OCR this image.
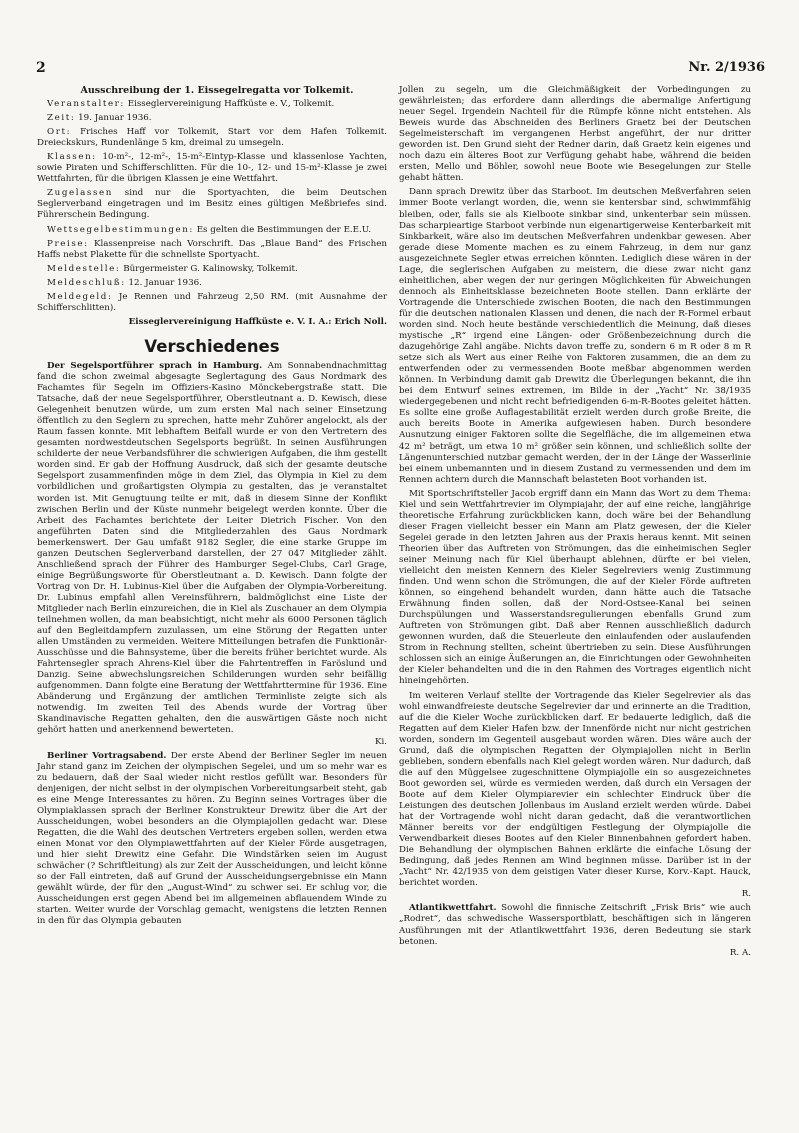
2	Nr. 2/1936

Ausschreibung der 1. Eissegelregatta vor Tolkemit.

Veranstalter: Eisseglervereinigung Haffküste e. V., Tolkemit.

Zeit: 19. Januar 1936.

Ort: Frisches Haff vor Tolkemit, Start vor dem Hafen Tolkemit. Dreieckskurs, Rundenlänge 5 km, dreimal zu umsegeln.

Klassen: 10-m²-, 12-m²-, 15-m²-Eintyp-Klasse und klassenlose Yachten, sowie Piraten und Schifferschlitten. Für die 10-, 12- und 15-m²-Klasse je zwei Wettfahrten, für die übrigen Klassen je eine Wettfahrt.

Zugelassen sind nur die Sportyachten, die beim Deutschen Seglerverband eingetragen und im Besitz eines gültigen Meßbriefes sind. Führerschein Bedingung.

Wettsegelbestimmungen: Es gelten die Bestimmungen der E.E.U.

Preise: Klassenpreise nach Vorschrift. Das „Blaue Band“ des Frischen Haffs nebst Plakette für die schnellste Sportyacht.

Meldestelle: Bürgermeister G. Kalinowsky, Tolkemit.

Meldeschluß: 12. Januar 1936.

Meldegeld: Je Rennen und Fahrzeug 2,50 RM. (mit Ausnahme der Schifferschlitten).

Eisseglervereinigung Haffküste e. V. I. A.: Erich Noll.

Verschiedenes

Der Segelsportführer sprach in Hamburg. Am Sonnabendnachmittag fand die schon zweimal abgesagte Seglertagung des Gaus Nordmark des Fachamtes für Segeln im Offiziers-Kasino Mönckebergstraße statt. Die Tatsache, daß der neue Segelsportführer, Oberstleutnant a. D. Kewisch, diese Gelegenheit benutzen würde, um zum ersten Mal nach seiner Einsetzung öffentlich zu den Seglern zu sprechen, hatte mehr Zuhörer angelockt, als der Raum fassen konnte. Mit lebhaftem Beifall wurde er von den Vertretern des gesamten nordwestdeutschen Segelsports begrüßt. In seinen Ausführungen schilderte der neue Verbandsführer die schwierigen Aufgaben, die ihm gestellt worden sind. Er gab der Hoffnung Ausdruck, daß sich der gesamte deutsche Segelsport zusammenfinden möge in dem Ziel, das Olympia in Kiel zu dem vorbildlichen und großartigsten Olympia zu gestalten, das je veranstaltet worden ist. Mit Genugtuung teilte er mit, daß in diesem Sinne der Konflikt zwischen Berlin und der Küste nunmehr beigelegt werden konnte. Über die Arbeit des Fachamtes berichtete der Leiter Dietrich Fischer. Von den angeführten Daten sind die Mitgliederzahlen des Gaus Nordmark bemerkenswert. Der Gau umfaßt 9182 Segler, die eine starke Gruppe im ganzen Deutschen Seglerverband darstellen, der 27 047 Mitglieder zählt. Anschließend sprach der Führer des Hamburger Segel-Clubs, Carl Grage, einige Begrüßungsworte für Oberstleutnant a. D. Kewisch. Dann folgte der Vortrag von Dr. H. Lubinus-Kiel über die Aufgaben der Olympia-Vorbereitung. Dr. Lubinus empfahl allen Vereinsführern, baldmöglichst eine Liste der Mitglieder nach Berlin einzureichen, die in Kiel als Zuschauer an dem Olympia teilnehmen wollen, da man beabsichtigt, nicht mehr als 6000 Personen täglich auf den Begleitdampfern zuzulassen, um eine Störung der Regatten unter allen Umständen zu vermeiden. Weitere Mitteilungen betrafen die Funktionär-Ausschüsse und die Bahnsysteme, über die bereits früher berichtet wurde. Als Fahrtensegler sprach Ahrens-Kiel über die Fahrtentreffen in Faröslund und Danzig. Seine abwechslungsreichen Schilderungen wurden sehr beifällig aufgenommen. Dann folgte eine Beratung der Wettfahrttermine für 1936. Eine Abänderung und Ergänzung der amtlichen Terminliste zeigte sich als notwendig. Im zweiten Teil des Abends wurde der Vortrag über Skandinavische Regatten gehalten, den die auswärtigen Gäste noch nicht gehört hatten und anerkennend bewerteten.
Ki.

Berliner Vortragsabend. Der erste Abend der Berliner Segler im neuen Jahr stand ganz im Zeichen der olympischen Segelei, und um so mehr war es zu bedauern, daß der Saal wieder nicht restlos gefüllt war. Besonders für denjenigen, der nicht selbst in der olympischen Vorbereitungsarbeit steht, gab es eine Menge Interessantes zu hören. Zu Beginn seines Vortrages über die Olympiaklassen sprach der Berliner Konstrukteur Drewitz über die Art der Ausscheidungen, wobei besonders an die Olympiajollen gedacht war. Diese Regatten, die die Wahl des deutschen Vertreters ergeben sollen, werden etwa einen Monat vor den Olympiawettfahrten auf der Kieler Förde ausgetragen, und hier sieht Drewitz eine Gefahr. Die Windstärken seien im August schwächer (? Schriftleitung) als zur Zeit der Ausscheidungen, und leicht könne so der Fall eintreten, daß auf Grund der Ausscheidungsergebnisse ein Mann gewählt würde, der für den „August-Wind“ zu schwer sei. Er schlug vor, die Ausscheidungen erst gegen Abend bei im allgemeinen abflauendem Winde zu starten. Weiter wurde der Vorschlag gemacht, wenigstens die letzten Rennen in den für das Olympia gebauten

Jollen zu segeln, um die Gleichmäßigkeit der Vorbedingungen zu gewährleisten; das erfordere dann allerdings die abermalige Anfertigung neuer Segel. Irgendein Nachteil für die Rümpfe könne nicht entstehen. Als Beweis wurde das Abschneiden des Berliners Graetz bei der Deutschen Segelmeisterschaft im vergangenen Herbst angeführt, der nur dritter geworden ist. Den Grund sieht der Redner darin, daß Graetz kein eigenes und noch dazu ein älteres Boot zur Verfügung gehabt habe, während die beiden ersten, Mello und Böhler, sowohl neue Boote wie Besegelungen zur Stelle gehabt hätten.

Dann sprach Drewitz über das Starboot. Im deutschen Meßverfahren seien immer Boote verlangt worden, die, wenn sie kentersbar sind, schwimmfähig bleiben, oder, falls sie als Kielboote sinkbar sind, unkenterbar sein müssen. Das scharpieartige Starboot verbinde nun eigenartigerweise Kenterbarkeit mit Sinkbarkeit, wäre also im deutschen Meßverfahren undenkbar gewesen. Aber gerade diese Momente machen es zu einem Fahrzeug, in dem nur ganz ausgezeichnete Segler etwas erreichen könnten. Lediglich diese wären in der Lage, die seglerischen Aufgaben zu meistern, die diese zwar nicht ganz einheitlichen, aber wegen der nur geringen Möglichkeiten für Abweichungen dennoch als Einheitsklasse bezeichneten Boote stellen. Dann erklärte der Vortragende die Unterschiede zwischen Booten, die nach den Bestimmungen für die deutschen nationalen Klassen und denen, die nach der R-Formel erbaut worden sind. Noch heute bestände verschiedentlich die Meinung, daß dieses mystische „R“ irgend eine Längen- oder Größenbezeichnung durch die dazugehörige Zahl angäbe. Nichts davon treffe zu, sondern 6 m R oder 8 m R setze sich als Wert aus einer Reihe von Faktoren zusammen, die an dem zu entwerfenden oder zu vermessenden Boote meßbar abgenommen werden können. In Verbindung damit gab Drewitz die Überlegungen bekannt, die ihn bei dem Entwurf seines extremen, im Bilde in der „Yacht“ Nr. 38/1935 wiedergegebenen und nicht recht befriedigenden 6-m-R-Bootes geleitet hätten. Es sollte eine große Auflagestabilität erzielt werden durch große Breite, die auch bereits Boote in Amerika aufgewiesen haben. Durch besondere Ausnutzung einiger Faktoren sollte die Segelfläche, die im allgemeinen etwa 42 m² beträgt, um etwa 10 m² größer sein können, und schließlich sollte der Längenunterschied nutzbar gemacht werden, der in der Länge der Wasserlinie bei einem unbemannten und in diesem Zustand zu vermessenden und dem im Rennen achtern durch die Mannschaft belasteten Boot vorhanden ist.

Mit Sportschriftsteller Jacob ergriff dann ein Mann das Wort zu dem Thema: Kiel und sein Wettfahrtrevier im Olympiajahr, der auf eine reiche, langjährige theoretische Erfahrung zurückblicken kann, doch wäre bei der Behandlung dieser Fragen vielleicht besser ein Mann am Platz gewesen, der die Kieler Segelei gerade in den letzten Jahren aus der Praxis heraus kennt. Mit seinen Theorien über das Auftreten von Strömungen, das die einheimischen Segler seiner Meinung nach für Kiel überhaupt ablehnen, dürfte er bei vielen, vielleicht den meisten Kennern des Kieler Segelreviers wenig Zustimmung finden. Und wenn schon die Strömungen, die auf der Kieler Förde auftreten können, so eingehend behandelt wurden, dann hätte auch die Tatsache Erwähnung finden sollen, daß der Nord-Ostsee-Kanal bei seinen Durchspülungen und Wasserstandsregulierungen ebenfalls Grund zum Auftreten von Strömungen gibt. Daß aber Rennen ausschließlich dadurch gewonnen wurden, daß die Steuerleute den einlaufenden oder auslaufenden Strom in Rechnung stellten, scheint übertrieben zu sein. Diese Ausführungen schlossen sich an einige Äußerungen an, die Einrichtungen oder Gewohnheiten der Kieler behandelten und die in den Rahmen des Vortrages eigentlich nicht hineingehörten.

Im weiteren Verlauf stellte der Vortragende das Kieler Segelrevier als das wohl einwandfreieste deutsche Segelrevier dar und erinnerte an die Tradition, auf die die Kieler Woche zurückblicken darf. Er bedauerte lediglich, daß die Regatten auf dem Kieler Hafen bzw. der Innenförde nicht nur nicht gestrichen worden, sondern im Gegenteil ausgebaut worden wären. Dies wäre auch der Grund, daß die olympischen Regatten der Olympiajollen nicht in Berlin geblieben, sondern ebenfalls nach Kiel gelegt worden wären. Nur dadurch, daß die auf den Müggelsee zugeschnittene Olympiajolle ein so ausgezeichnetes Boot geworden sei, würde es vermieden werden, daß durch ein Versagen der Boote auf dem Kieler Olympiarevier ein schlechter Eindruck über die Leistungen des deutschen Jollenbaus im Ausland erzielt werden würde. Dabei hat der Vortragende wohl nicht daran gedacht, daß die verantwortlichen Männer bereits vor der endgültigen Festlegung der Olympiajolle die Verwendbarkeit dieses Bootes auf den Kieler Binnenbahnen gefordert haben. Die Behandlung der olympischen Bahnen erklärte die einfache Lösung der Bedingung, daß jedes Rennen am Wind beginnen müsse. Darüber ist in der „Yacht“ Nr. 42/1935 von dem geistigen Vater dieser Kurse, Korv.-Kapt. Hauck, berichtet worden.
R.

Atlantikwettfahrt. Sowohl die finnische Zeitschrift „Frisk Bris“ wie auch „Rodret“, das schwedische Wassersportblatt, beschäftigen sich in längeren Ausführungen mit der Atlantikwettfahrt 1936, deren Bedeutung sie stark betonen.
R. A.
